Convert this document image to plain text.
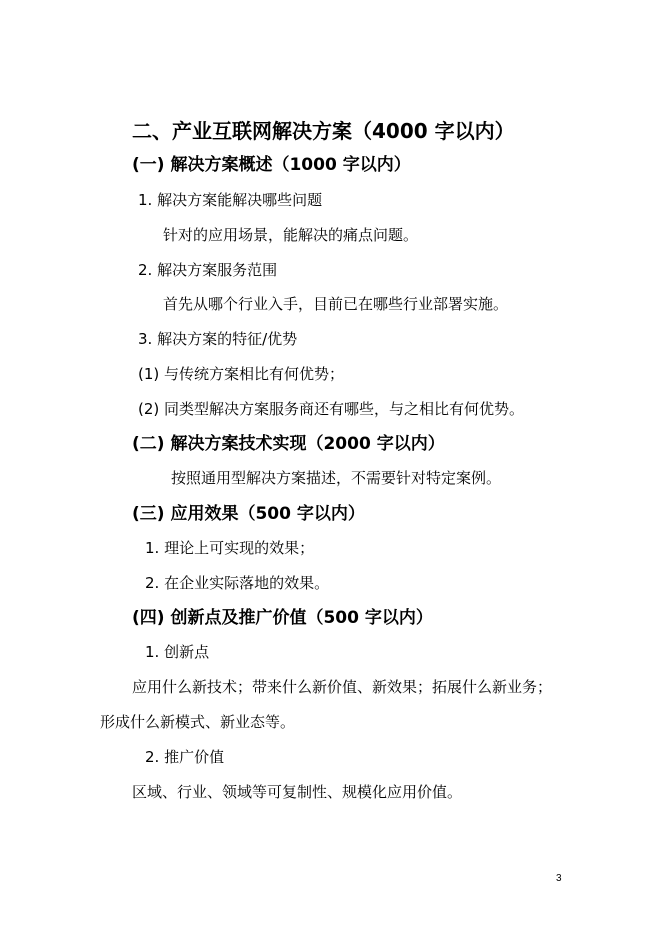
二、产业互联网解决方案（4000 字以内）
(一) 解决方案概述（1000 字以内）
1. 解决方案能解决哪些问题
针对的应用场景，能解决的痛点问题。
2. 解决方案服务范围
首先从哪个行业入手，目前已在哪些行业部署实施。
3. 解决方案的特征/优势
(1) 与传统方案相比有何优势；
(2) 同类型解决方案服务商还有哪些，与之相比有何优势。
(二) 解决方案技术实现（2000 字以内）
按照通用型解决方案描述，不需要针对特定案例。
(三) 应用效果（500 字以内）
1. 理论上可实现的效果；
2. 在企业实际落地的效果。
(四) 创新点及推广价值（500 字以内）
1. 创新点
应用什么新技术；带来什么新价值、新效果；拓展什么新业务；
形成什么新模式、新业态等。
2. 推广价值
区域、行业、领域等可复制性、规模化应用价值。
3
